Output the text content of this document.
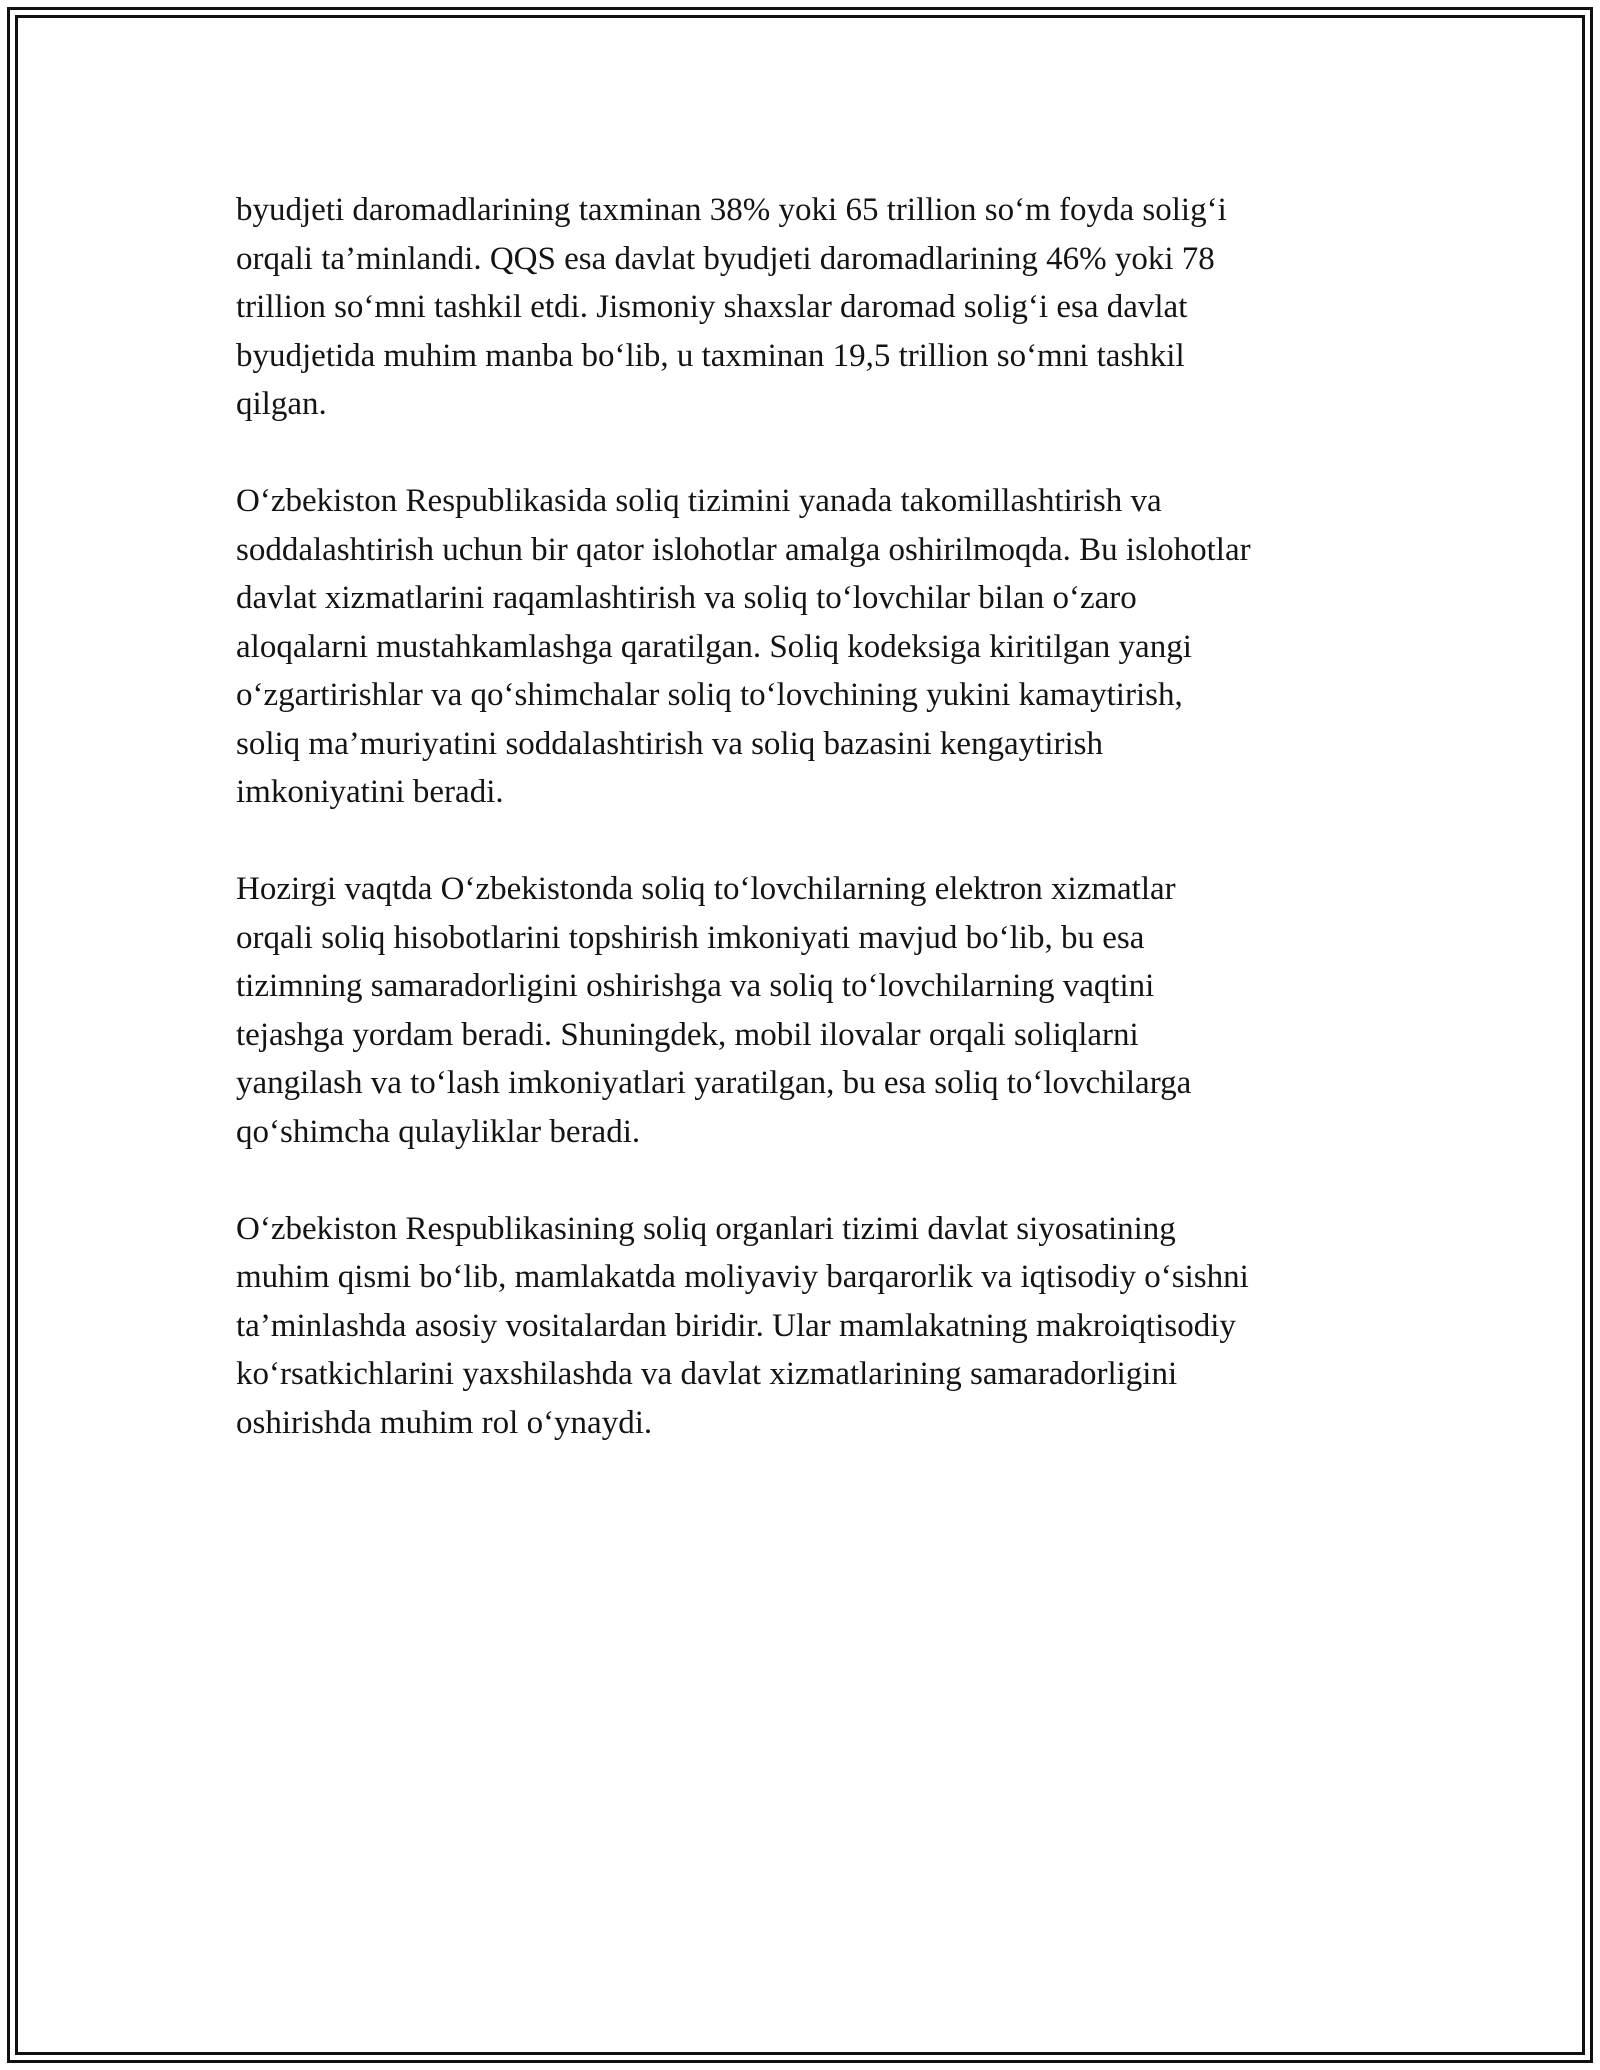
byudjeti daromadlarining taxminan 38% yoki 65 trillion so‘m foyda solig‘i
orqali ta’minlandi. QQS esa davlat byudjeti daromadlarining 46% yoki 78
trillion so‘mni tashkil etdi. Jismoniy shaxslar daromad solig‘i esa davlat
byudjetida muhim manba bo‘lib, u taxminan 19,5 trillion so‘mni tashkil
qilgan.

O‘zbekiston Respublikasida soliq tizimini yanada takomillashtirish va
soddalashtirish uchun bir qator islohotlar amalga oshirilmoqda. Bu islohotlar
davlat xizmatlarini raqamlashtirish va soliq to‘lovchilar bilan o‘zaro
aloqalarni mustahkamlashga qaratilgan. Soliq kodeksiga kiritilgan yangi
o‘zgartirishlar va qo‘shimchalar soliq to‘lovchining yukini kamaytirish,
soliq ma’muriyatini soddalashtirish va soliq bazasini kengaytirish
imkoniyatini beradi.

Hozirgi vaqtda O‘zbekistonda soliq to‘lovchilarning elektron xizmatlar
orqali soliq hisobotlarini topshirish imkoniyati mavjud bo‘lib, bu esa
tizimning samaradorligini oshirishga va soliq to‘lovchilarning vaqtini
tejashga yordam beradi. Shuningdek, mobil ilovalar orqali soliqlarni
yangilash va to‘lash imkoniyatlari yaratilgan, bu esa soliq to‘lovchilarga
qo‘shimcha qulayliklar beradi.

O‘zbekiston Respublikasining soliq organlari tizimi davlat siyosatining
muhim qismi bo‘lib, mamlakatda moliyaviy barqarorlik va iqtisodiy o‘sishni
ta’minlashda asosiy vositalardan biridir. Ular mamlakatning makroiqtisodiy
ko‘rsatkichlarini yaxshilashda va davlat xizmatlarining samaradorligini
oshirishda muhim rol o‘ynaydi.
